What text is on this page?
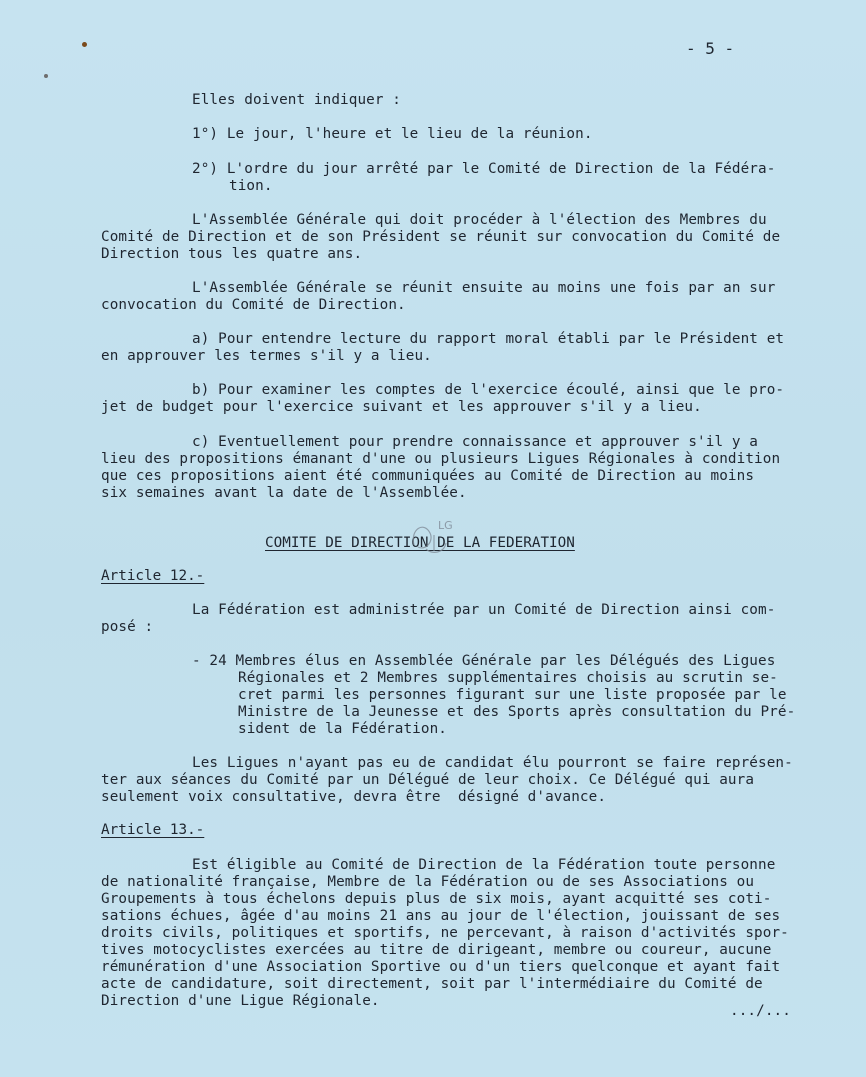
- 5 -
Elles doivent indiquer :
1°) Le jour, l'heure et le lieu de la réunion.
2°) L'ordre du jour arrêté par le Comité de Direction de la Fédéra-
tion.
L'Assemblée Générale qui doit procéder à l'élection des Membres du
Comité de Direction et de son Président se réunit sur convocation du Comité de
Direction tous les quatre ans.
L'Assemblée Générale se réunit ensuite au moins une fois par an sur
convocation du Comité de Direction.
a) Pour entendre lecture du rapport moral établi par le Président et
en approuver les termes s'il y a lieu.
b) Pour examiner les comptes de l'exercice écoulé, ainsi que le pro-
jet de budget pour l'exercice suivant et les approuver s'il y a lieu.
c) Eventuellement pour prendre connaissance et approuver s'il y a
lieu des propositions émanant d'une ou plusieurs Ligues Régionales à condition
que ces propositions aient été communiquées au Comité de Direction au moins
six semaines avant la date de l'Assemblée.
COMITE DE DIRECTION DE LA FEDERATION
LG
Article 12.-
La Fédération est administrée par un Comité de Direction ainsi com-
posé :
- 24 Membres élus en Assemblée Générale par les Délégués des Ligues
Régionales et 2 Membres supplémentaires choisis au scrutin se-
cret parmi les personnes figurant sur une liste proposée par le
Ministre de la Jeunesse et des Sports après consultation du Pré-
sident de la Fédération.
Les Ligues n'ayant pas eu de candidat élu pourront se faire représen-
ter aux séances du Comité par un Délégué de leur choix. Ce Délégué qui aura
seulement voix consultative, devra être  désigné d'avance.
Article 13.-
Est éligible au Comité de Direction de la Fédération toute personne
de nationalité française, Membre de la Fédération ou de ses Associations ou
Groupements à tous échelons depuis plus de six mois, ayant acquitté ses coti-
sations échues, âgée d'au moins 21 ans au jour de l'élection, jouissant de ses
droits civils, politiques et sportifs, ne percevant, à raison d'activités spor-
tives motocyclistes exercées au titre de dirigeant, membre ou coureur, aucune
rémunération d'une Association Sportive ou d'un tiers quelconque et ayant fait
acte de candidature, soit directement, soit par l'intermédiaire du Comité de
Direction d'une Ligue Régionale.
.../...
